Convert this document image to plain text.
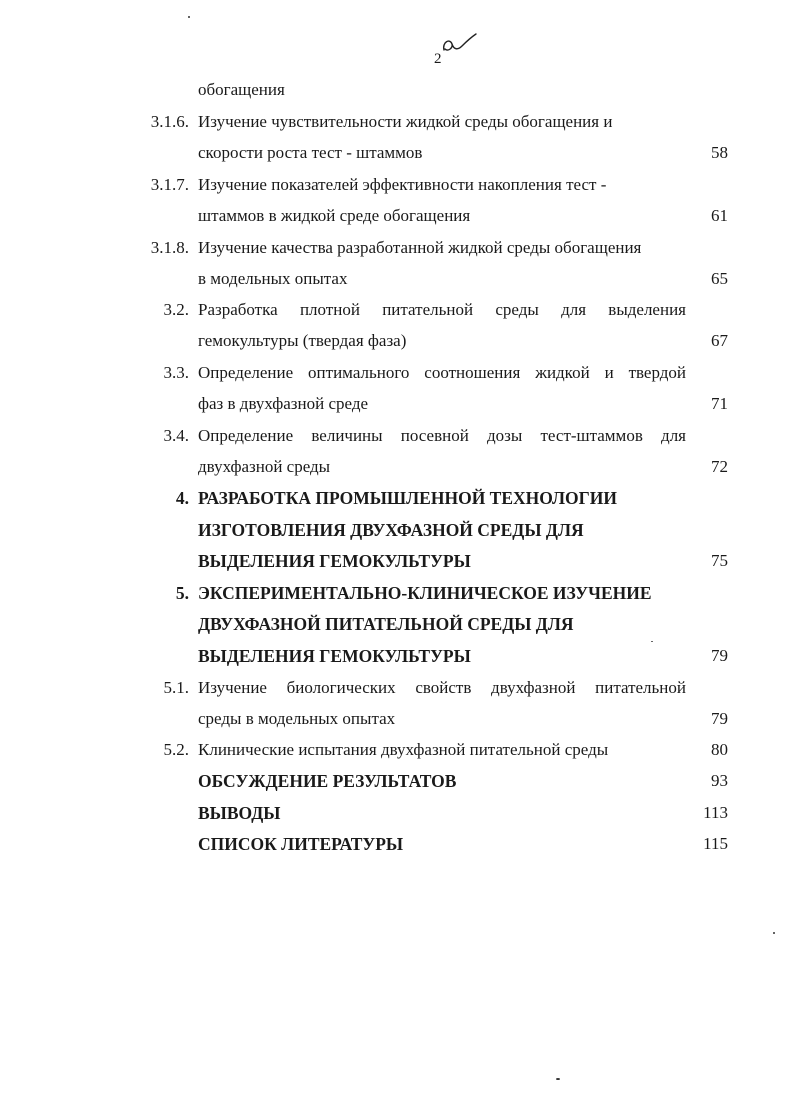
2
обогащения
3.1.6. Изучение чувствительности жидкой среды обогащения и
скорости роста тест - штаммов	58
3.1.7. Изучение показателей эффективности накопления тест -
штаммов в жидкой среде обогащения	61
3.1.8. Изучение качества разработанной жидкой среды обогащения
в модельных опытах	65
3.2. Разработка плотной питательной среды для выделения
гемокультуры (твердая фаза)	67
3.3. Определение оптимального соотношения жидкой и твердой
фаз в двухфазной среде	71
3.4. Определение величины посевной дозы тест-штаммов для
двухфазной среды	72
4. РАЗРАБОТКА ПРОМЫШЛЕННОЙ ТЕХНОЛОГИИ
ИЗГОТОВЛЕНИЯ ДВУХФАЗНОЙ СРЕДЫ ДЛЯ
ВЫДЕЛЕНИЯ ГЕМОКУЛЬТУРЫ	75
5. ЭКСПЕРИМЕНТАЛЬНО-КЛИНИЧЕСКОЕ ИЗУЧЕНИЕ
ДВУХФАЗНОЙ ПИТАТЕЛЬНОЙ СРЕДЫ ДЛЯ
ВЫДЕЛЕНИЯ ГЕМОКУЛЬТУРЫ	79
5.1. Изучение биологических свойств двухфазной питательной
среды в модельных опытах	79
5.2. Клинические испытания двухфазной питательной среды	80
ОБСУЖДЕНИЕ РЕЗУЛЬТАТОВ	93
ВЫВОДЫ	113
СПИСОК ЛИТЕРАТУРЫ	115
